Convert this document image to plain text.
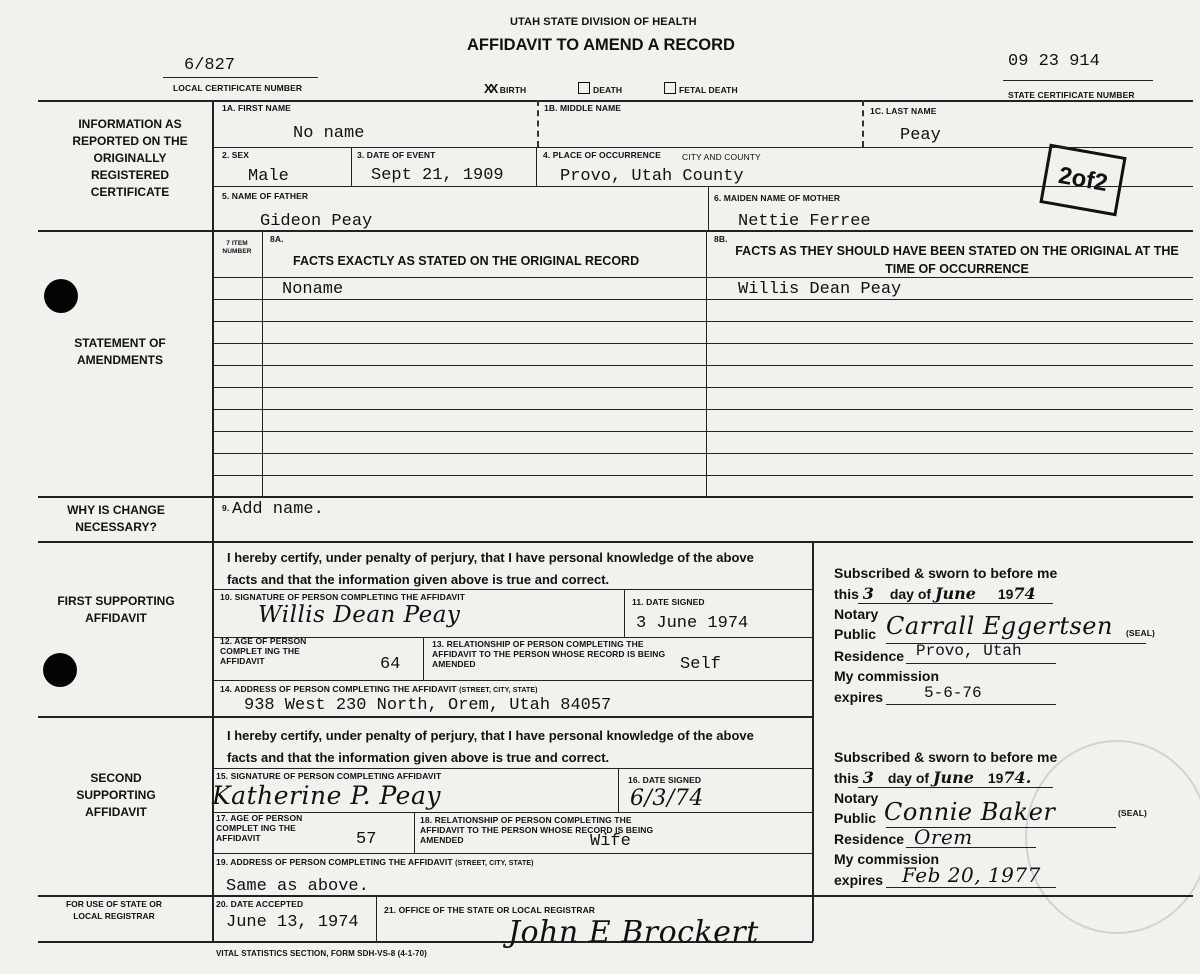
UTAH STATE DIVISION OF HEALTH
AFFIDAVIT TO AMEND A RECORD
6/827
LOCAL CERTIFICATE NUMBER
09 23 914
STATE CERTIFICATE NUMBER
XX BIRTH	DEATH	FETAL DEATH
2of2
INFORMATION AS REPORTED ON THE ORIGINALLY REGISTERED CERTIFICATE
STATEMENT OF AMENDMENTS
WHY IS CHANGE NECESSARY?
FIRST SUPPORTING AFFIDAVIT
SECOND SUPPORTING AFFIDAVIT
FOR USE OF STATE OR LOCAL REGISTRAR
1A. FIRST NAME
No name
1B. MIDDLE NAME	1C. LAST NAME
Peay
2. SEX
Male
3. DATE OF EVENT
Sept 21, 1909
4. PLACE OF OCCURRENCE CITY AND COUNTY
Provo, Utah County
5. NAME OF FATHER
Gideon Peay
6. MAIDEN NAME OF MOTHER
Nettie Ferree
7 ITEM NUMBER
8A.
FACTS EXACTLY AS STATED ON THE ORIGINAL RECORD
8B.
FACTS AS THEY SHOULD HAVE BEEN STATED ON THE ORIGINAL AT THE TIME OF OCCURRENCE
Noname	Willis Dean Peay
9. Add name.
I hereby certify, under penalty of perjury, that I have personal knowledge of the above facts and that the information given above is true and correct.
10. SIGNATURE OF PERSON COMPLETING THE AFFIDAVIT
Willis Dean Peay	11. DATE SIGNED
3 June 1974
12. AGE OF PERSON COMPLET ING THE AFFIDAVIT	64
13. RELATIONSHIP OF PERSON COMPLETING THE AFFIDAVIT TO THE PERSON WHOSE RECORD IS BEING AMENDED	Self
14. ADDRESS OF PERSON COMPLETING THE AFFIDAVIT (STREET, CITY, STATE)
938 West 230 North, Orem, Utah 84057
Subscribed & sworn to before me
this 3 day of June 1974
Notary
Public Carrall Eggertsen (SEAL)
Residence Provo, Utah
My commission
expires	5-6-76
I hereby certify, under penalty of perjury, that I have personal knowledge of the above facts and that the information given above is true and correct.
15. SIGNATURE OF PERSON COMPLETING AFFIDAVIT
Katherine P. Peay
16. DATE SIGNED
6/3/74
17. AGE OF PERSON COMPLET ING THE AFFIDAVIT	57
18. RELATIONSHIP OF PERSON COMPLETING THE AFFIDAVIT TO THE PERSON WHOSE RECORD IS BEING AMENDED	Wife
19. ADDRESS OF PERSON COMPLETING THE AFFIDAVIT (STREET, CITY, STATE)
Same as above.
Subscribed & sworn to before me
this 3 day of June 1974.
Notary
Public Connie Baker	(SEAL)
Residence Orem
My commission
expires Feb 20, 1977
20. DATE ACCEPTED
June 13, 1974
21. OFFICE OF THE STATE OR LOCAL REGISTRAR
John E Brockert
VITAL STATISTICS SECTION, FORM SDH-VS-8 (4-1-70)
